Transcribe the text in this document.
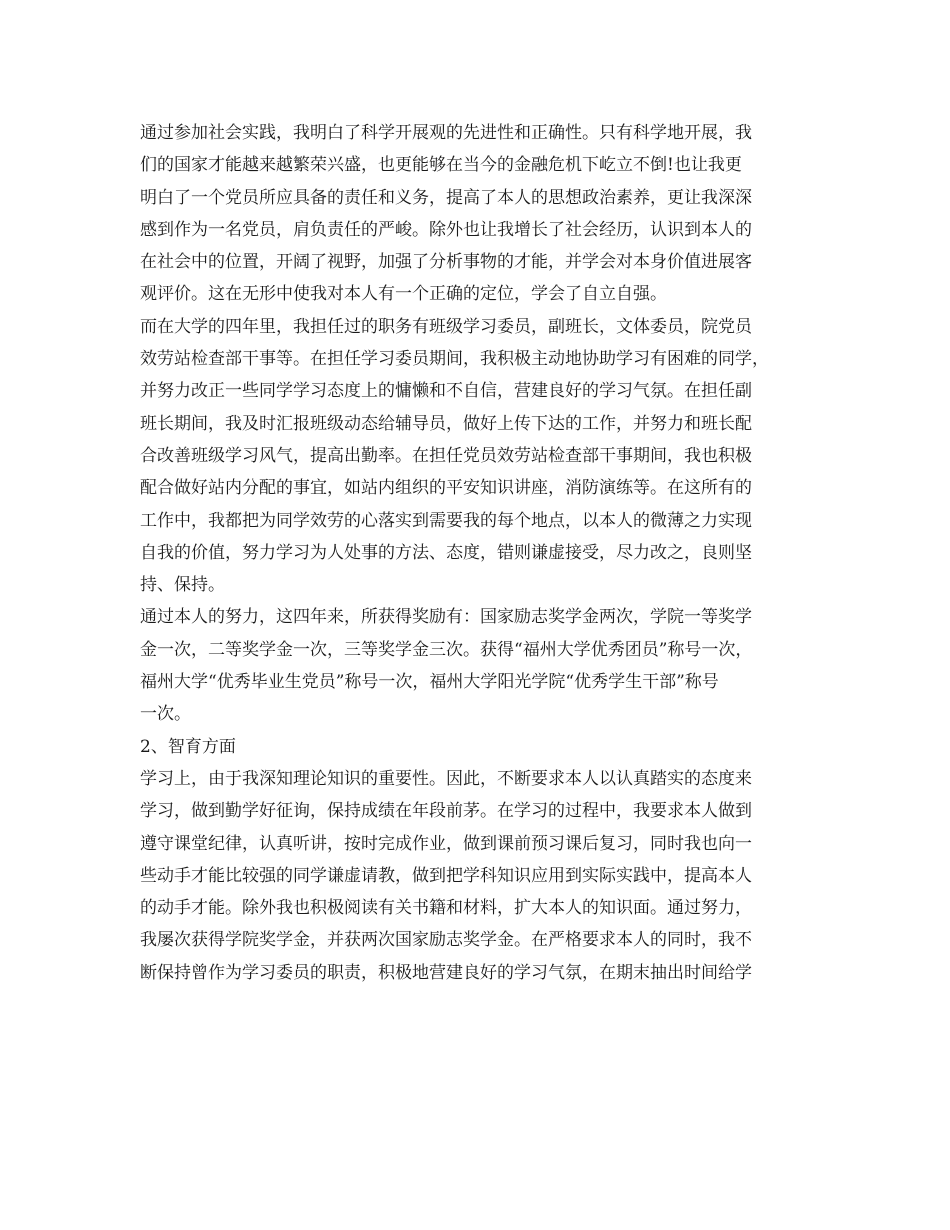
通过参加社会实践，我明白了科学开展观的先进性和正确性。只有科学地开展，我
们的国家才能越来越繁荣兴盛，也更能够在当今的金融危机下屹立不倒!也让我更
明白了一个党员所应具备的责任和义务，提高了本人的思想政治素养，更让我深深
感到作为一名党员，肩负责任的严峻。除外也让我增长了社会经历，认识到本人的
在社会中的位置，开阔了视野，加强了分析事物的才能，并学会对本身价值进展客
观评价。这在无形中使我对本人有一个正确的定位，学会了自立自强。
而在大学的四年里，我担任过的职务有班级学习委员，副班长，文体委员，院党员
效劳站检查部干事等。在担任学习委员期间，我积极主动地协助学习有困难的同学，
并努力改正一些同学学习态度上的慵懒和不自信，营建良好的学习气氛。在担任副
班长期间，我及时汇报班级动态给辅导员，做好上传下达的工作，并努力和班长配
合改善班级学习风气，提高出勤率。在担任党员效劳站检查部干事期间，我也积极
配合做好站内分配的事宜，如站内组织的平安知识讲座，消防演练等。在这所有的
工作中，我都把为同学效劳的心落实到需要我的每个地点，以本人的微薄之力实现
自我的价值，努力学习为人处事的方法、态度，错则谦虚接受，尽力改之，良则坚
持、保持。
通过本人的努力，这四年来，所获得奖励有：国家励志奖学金两次，学院一等奖学
金一次，二等奖学金一次，三等奖学金三次。获得“福州大学优秀团员”称号一次，
福州大学“优秀毕业生党员”称号一次，福州大学阳光学院“优秀学生干部”称号
一次。
2、智育方面
学习上，由于我深知理论知识的重要性。因此，不断要求本人以认真踏实的态度来
学习，做到勤学好征询，保持成绩在年段前茅。在学习的过程中，我要求本人做到
遵守课堂纪律，认真听讲，按时完成作业，做到课前预习课后复习，同时我也向一
些动手才能比较强的同学谦虚请教，做到把学科知识应用到实际实践中，提高本人
的动手才能。除外我也积极阅读有关书籍和材料，扩大本人的知识面。通过努力，
我屡次获得学院奖学金，并获两次国家励志奖学金。在严格要求本人的同时，我不
断保持曾作为学习委员的职责，积极地营建良好的学习气氛，在期末抽出时间给学
